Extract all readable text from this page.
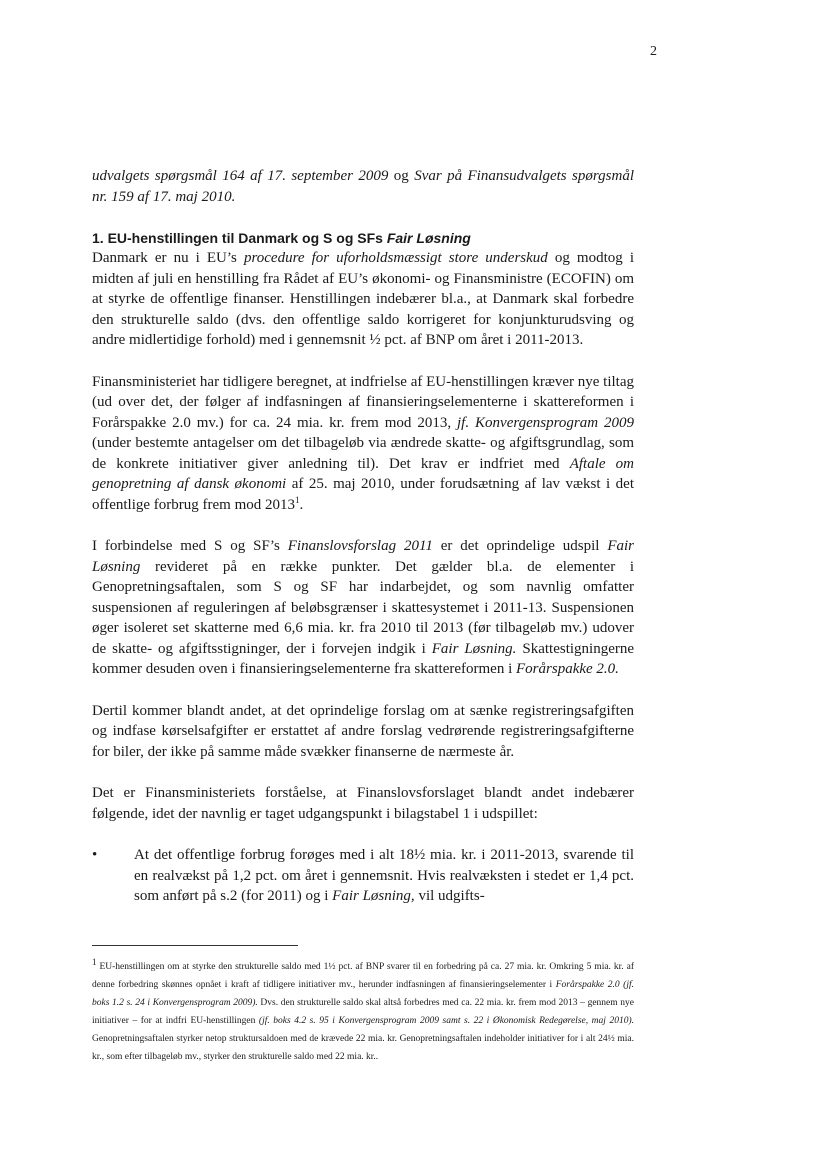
2

udvalgets spørgsmål 164 af 17. september 2009 og Svar på Finansudvalgets spørgsmål nr. 159 af 17. maj 2010.

1. EU-henstillingen til Danmark og S og SFs Fair Løsning

Danmark er nu i EU’s procedure for uforholdsmæssigt store underskud og modtog i midten af juli en henstilling fra Rådet af EU’s økonomi- og Finansministre (ECOFIN) om at styrke de offentlige finanser. Henstillingen indebærer bl.a., at Danmark skal forbedre den strukturelle saldo (dvs. den offentlige saldo korrigeret for konjunkturudsving og andre midlertidige forhold) med i gennemsnit ½ pct. af BNP om året i 2011-2013.

Finansministeriet har tidligere beregnet, at indfrielse af EU-henstillingen kræver nye tiltag (ud over det, der følger af indfasningen af finansieringselementerne i skattereformen i Forårspakke 2.0 mv.) for ca. 24 mia. kr. frem mod 2013, jf. Konvergensprogram 2009 (under bestemte antagelser om det tilbageløb via ændrede skatte- og afgiftsgrundlag, som de konkrete initiativer giver anledning til). Det krav er indfriet med Aftale om genopretning af dansk økonomi af 25. maj 2010, under forudsætning af lav vækst i det offentlige forbrug frem mod 2013$^1$.

I forbindelse med S og SF’s Finanslovsforslag 2011 er det oprindelige udspil Fair Løsning revideret på en række punkter. Det gælder bl.a. de elementer i Genopretningsaftalen, som S og SF har indarbejdet, og som navnlig omfatter suspensionen af reguleringen af beløbsgrænser i skattesystemet i 2011-13. Suspensionen øger isoleret set skatterne med 6,6 mia. kr. fra 2010 til 2013 (før tilbageløb mv.) udover de skatte- og afgiftsstigninger, der i forvejen indgik i Fair Løsning. Skattestigningerne kommer desuden oven i finansieringselementerne fra skattereformen i Forårspakke 2.0.

Dertil kommer blandt andet, at det oprindelige forslag om at sænke registreringsafgiften og indfase kørselsafgifter er erstattet af andre forslag vedrørende registreringsafgifterne for biler, der ikke på samme måde svækker finanserne de nærmeste år.

Det er Finansministeriets forståelse, at Finanslovsforslaget blandt andet indebærer følgende, idet der navnlig er taget udgangspunkt i bilagstabel 1 i udspillet:

•	At det offentlige forbrug forøges med i alt 18½ mia. kr. i 2011-2013, svarende til en realvækst på 1,2 pct. om året i gennemsnit. Hvis realvæksten i stedet er 1,4 pct. som anført på s.2 (for 2011) og i Fair Løsning, vil udgifts-
$^1$ EU-henstillingen om at styrke den strukturelle saldo med 1½ pct. af BNP svarer til en forbedring på ca. 27 mia. kr. Omkring 5 mia. kr. af denne forbedring skønnes opnået i kraft af tidligere initiativer mv., herunder indfasningen af finansieringselementer i Forårspakke 2.0 (jf. boks 1.2 s. 24 i Konvergensprogram 2009). Dvs. den strukturelle saldo skal altså forbedres med ca. 22 mia. kr. frem mod 2013 – gennem nye initiativer – for at indfri EU-henstillingen (jf. boks 4.2 s. 95 i Konvergensprogram 2009 samt s. 22 i Økonomisk Redegørelse, maj 2010). Genopretningsaftalen styrker netop struktursaldoen med de krævede 22 mia. kr. Genopretningsaftalen indeholder initiativer for i alt 24½ mia. kr., som efter tilbageløb mv., styrker den strukturelle saldo med 22 mia. kr..
